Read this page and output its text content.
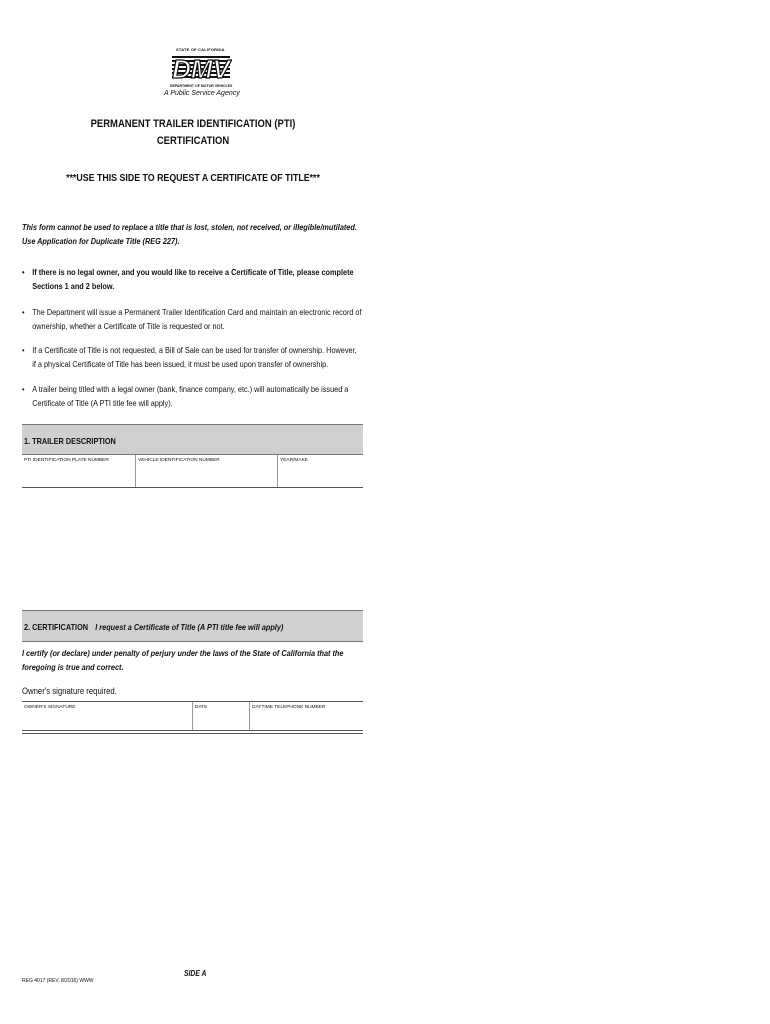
STATE OF CALIFORNIA
DMV
DEPARTMENT OF MOTOR VEHICLES
A Public Service Agency
PERMANENT TRAILER IDENTIFICATION (PTI)
CERTIFICATION
***USE THIS SIDE TO REQUEST A CERTIFICATE OF TITLE***
This form cannot be used to replace a title that is lost, stolen, not received, or illegible/mutilated. Use Application for Duplicate Title (REG 227).
• If there is no legal owner, and you would like to receive a Certificate of Title, please complete Sections 1 and 2 below.
• The Department will issue a Permanent Trailer Identification Card and maintain an electronic record of ownership, whether a Certificate of Title is requested or not.
• If a Certificate of Title is not requested, a Bill of Sale can be used for transfer of ownership. However, if a physical Certificate of Title has been issued, it must be used upon transfer of ownership.
• A trailer being titled with a legal owner (bank, finance company, etc.) will automatically be issued a Certificate of Title (A PTI title fee will apply).
1. TRAILER DESCRIPTION
PTI IDENTIFICATION PLATE NUMBER	VEHICLE IDENTIFICATION NUMBER	YEAR/MAKE
2. CERTIFICATION I request a Certificate of Title (A PTI title fee will apply)
I certify (or declare) under penalty of perjury under the laws of the State of California that the foregoing is true and correct.
Owner's signature required.
OWNER'S SIGNATURE	DATE	DAYTIME TELEPHONE NUMBER
SIDE A
REG 4017 (REV. 8/2016) WWW
